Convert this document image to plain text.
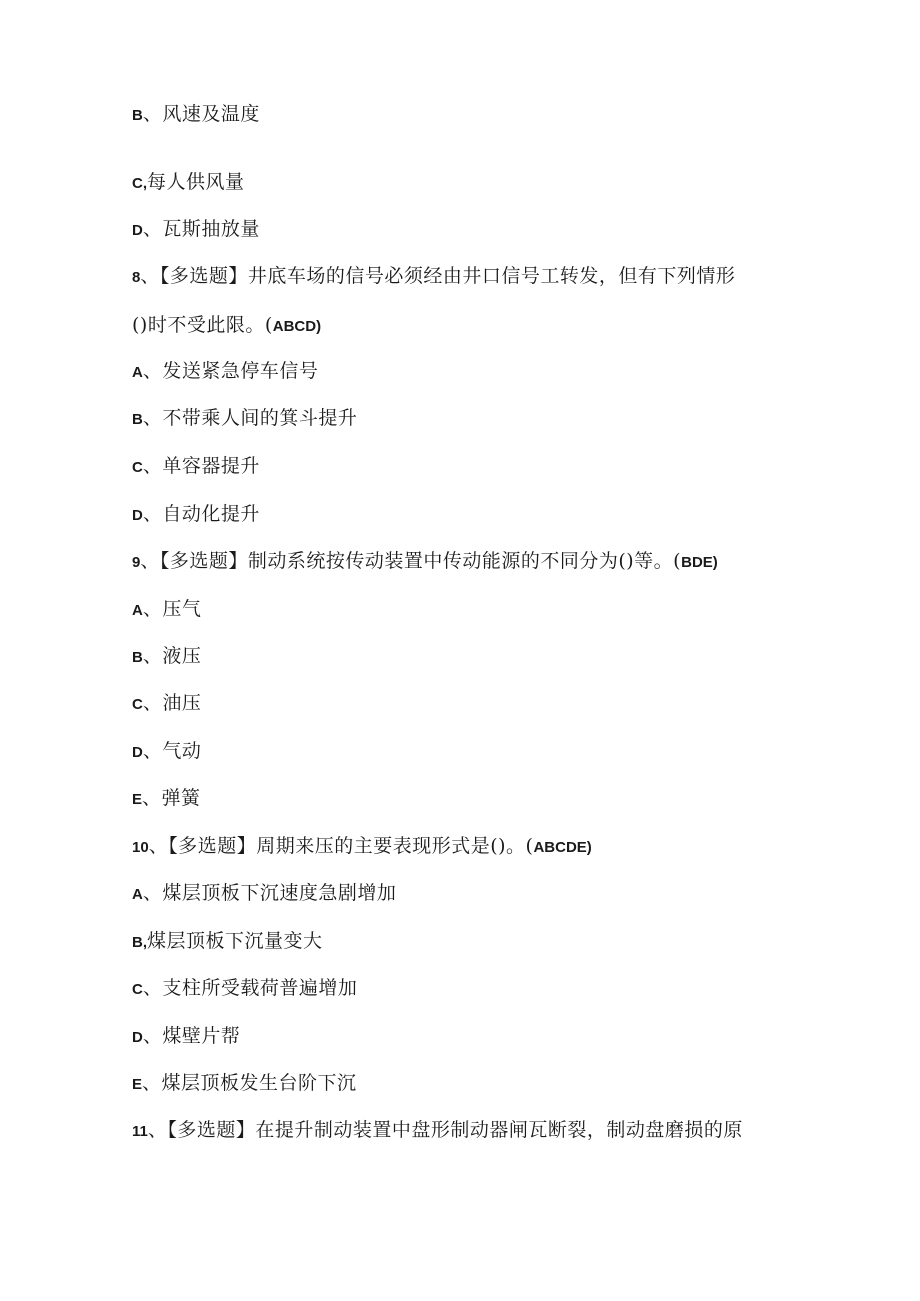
B、风速及温度
C,每人供风量
D、瓦斯抽放量
8、【多选题】井底车场的信号必须经由井口信号工转发，但有下列情形
()时不受此限。(ABCD)
A、发送紧急停车信号
B、不带乘人间的箕斗提升
C、单容器提升
D、自动化提升
9、【多选题】制动系统按传动装置中传动能源的不同分为()等。(BDE)
A、压气
B、液压
C、油压
D、气动
E、弹簧
10、【多选题】周期来压的主要表现形式是()。(ABCDE)
A、煤层顶板下沉速度急剧增加
B,煤层顶板下沉量变大
C、支柱所受载荷普遍增加
D、煤壁片帮
E、煤层顶板发生台阶下沉
11、【多选题】在提升制动装置中盘形制动器闸瓦断裂，制动盘磨损的原
